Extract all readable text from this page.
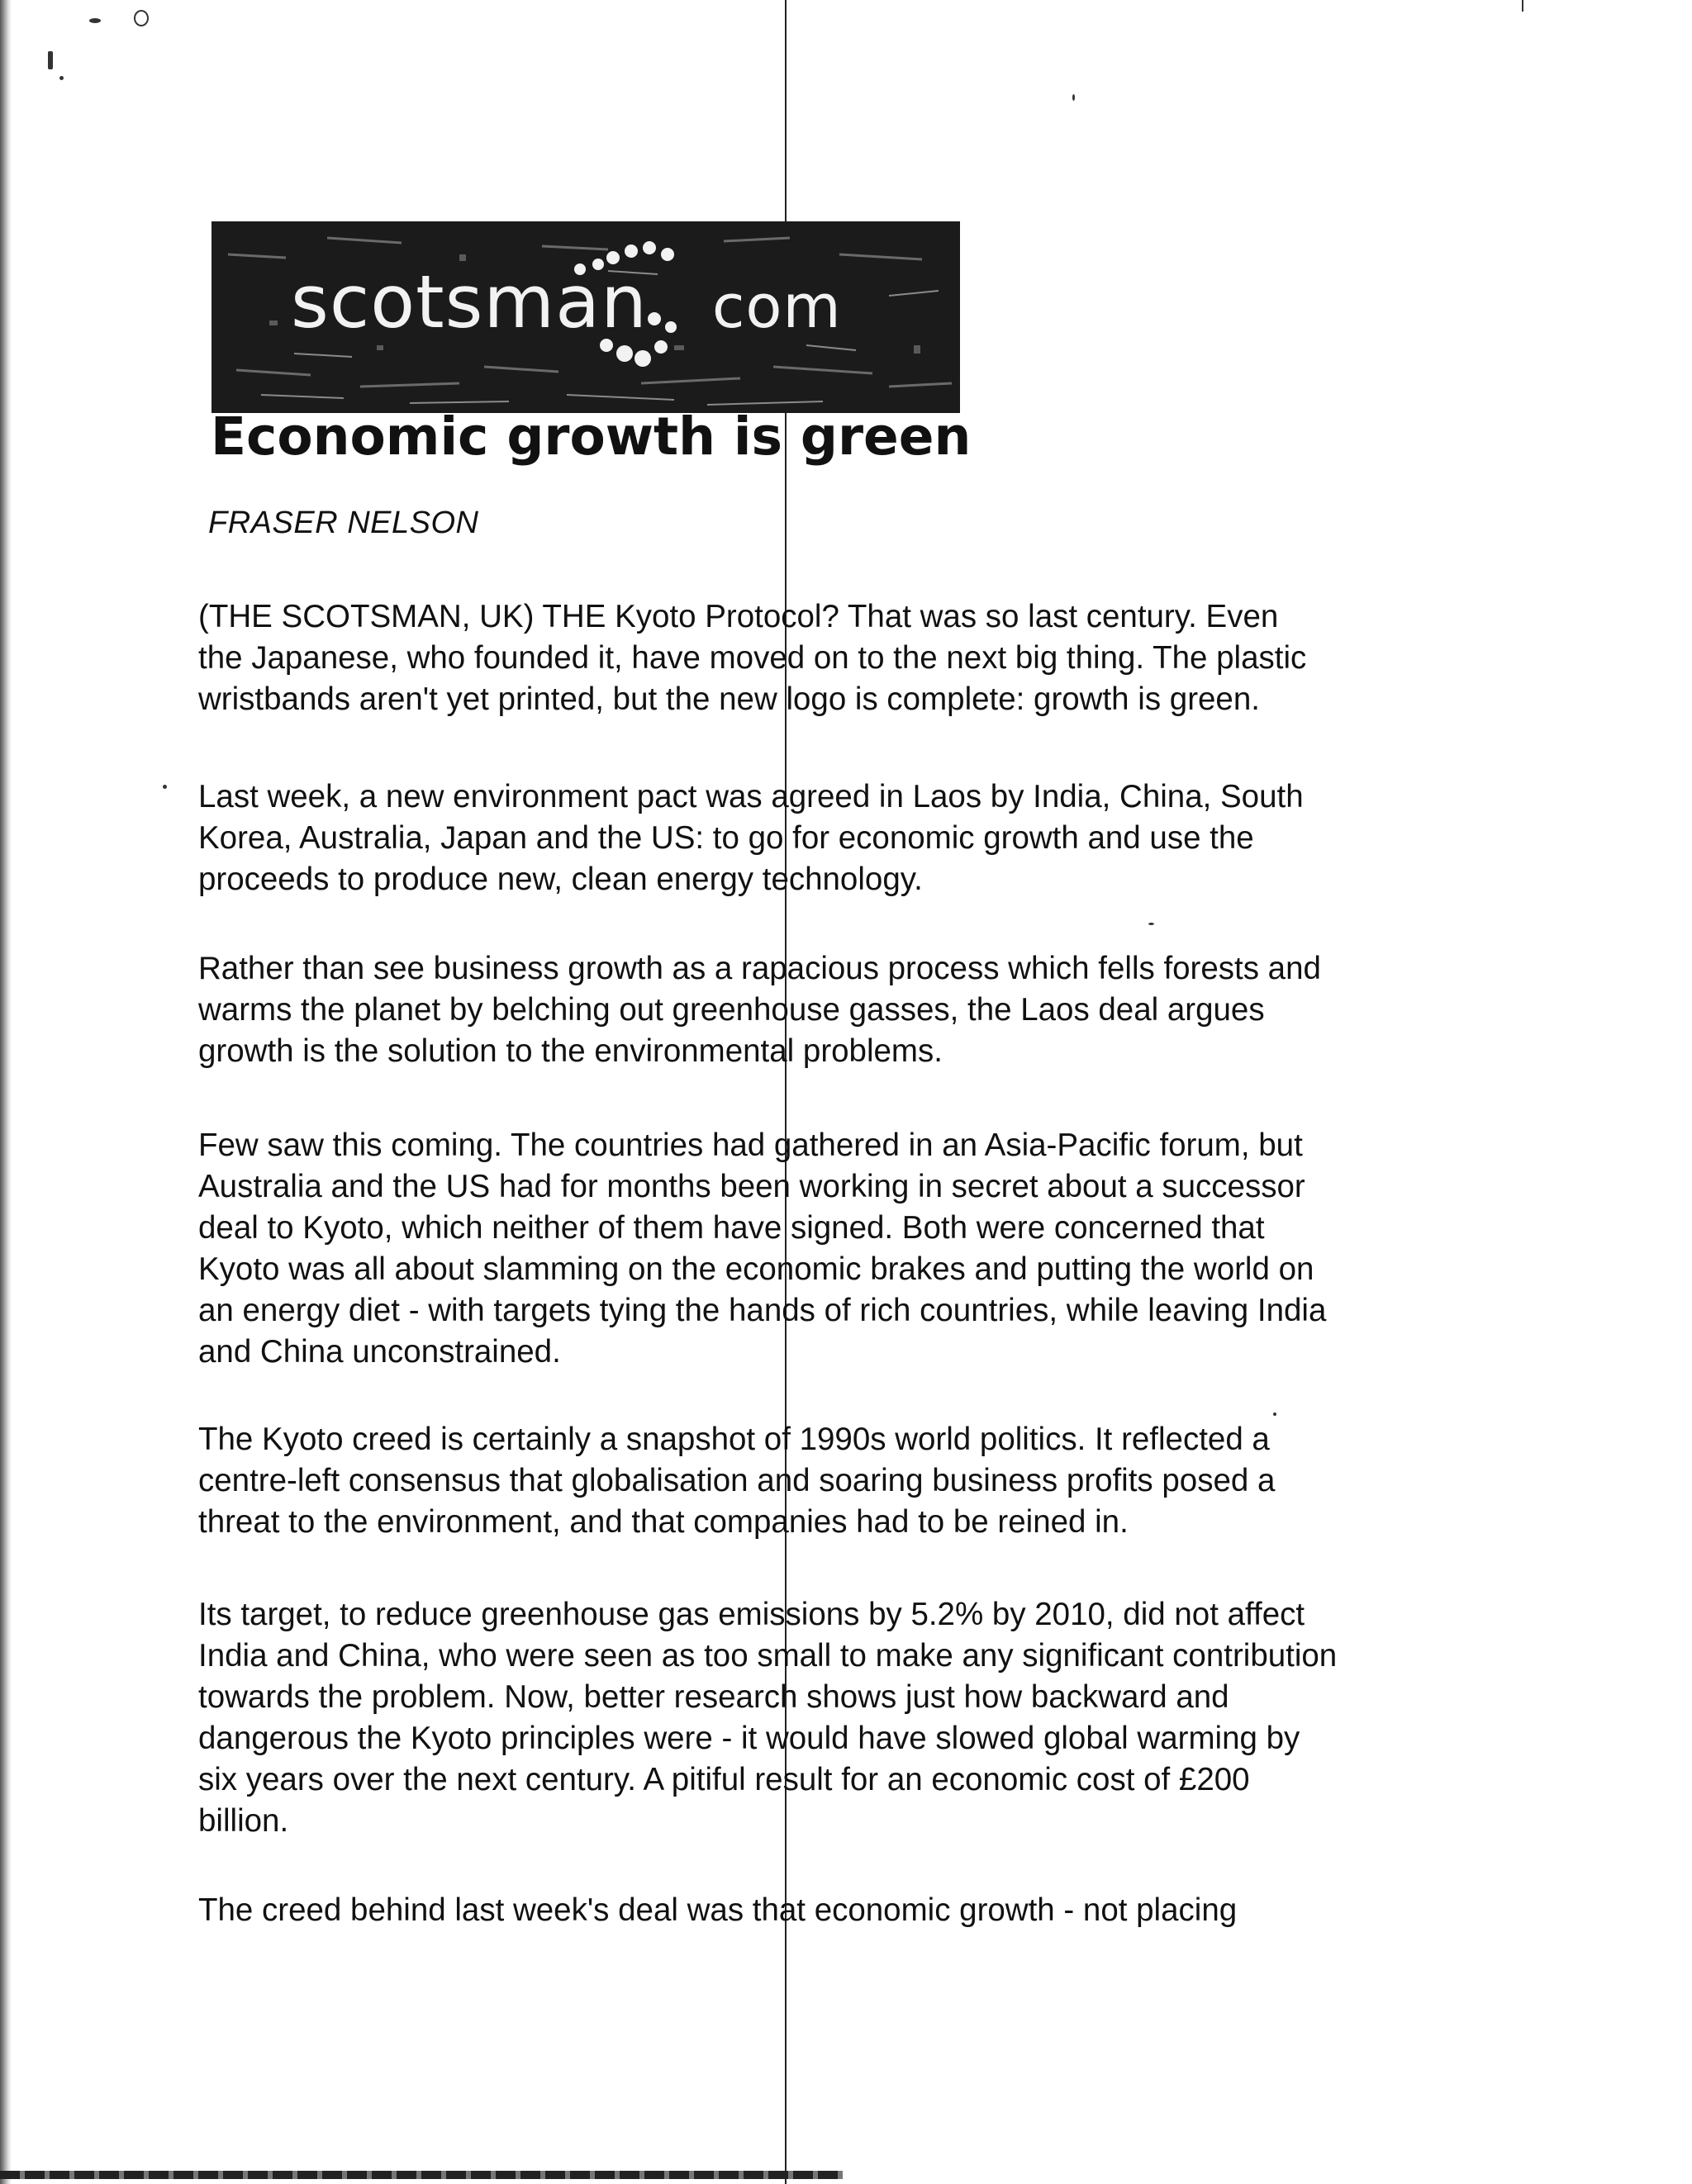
scotsman com
Economic growth is green
FRASER NELSON
(THE SCOTSMAN, UK) THE Kyoto Protocol? That was so last century. Even
the Japanese, who founded it, have moved on to the next big thing. The plastic
wristbands aren't yet printed, but the new logo is complete: growth is green.
Last week, a new environment pact was agreed in Laos by India, China, South
Korea, Australia, Japan and the US: to go for economic growth and use the
proceeds to produce new, clean energy technology.
Rather than see business growth as a rapacious process which fells forests and
warms the planet by belching out greenhouse gasses, the Laos deal argues
growth is the solution to the environmental problems.
Few saw this coming. The countries had gathered in an Asia-Pacific forum, but
Australia and the US had for months been working in secret about a successor
deal to Kyoto, which neither of them have signed. Both were concerned that
Kyoto was all about slamming on the economic brakes and putting the world on
an energy diet - with targets tying the hands of rich countries, while leaving India
and China unconstrained.
The Kyoto creed is certainly a snapshot of 1990s world politics. It reflected a
centre-left consensus that globalisation and soaring business profits posed a
threat to the environment, and that companies had to be reined in.
Its target, to reduce greenhouse gas emissions by 5.2% by 2010, did not affect
India and China, who were seen as too small to make any significant contribution
towards the problem. Now, better research shows just how backward and
dangerous the Kyoto principles were - it would have slowed global warming by
six years over the next century. A pitiful result for an economic cost of £200
billion.
The creed behind last week's deal was that economic growth - not placing
